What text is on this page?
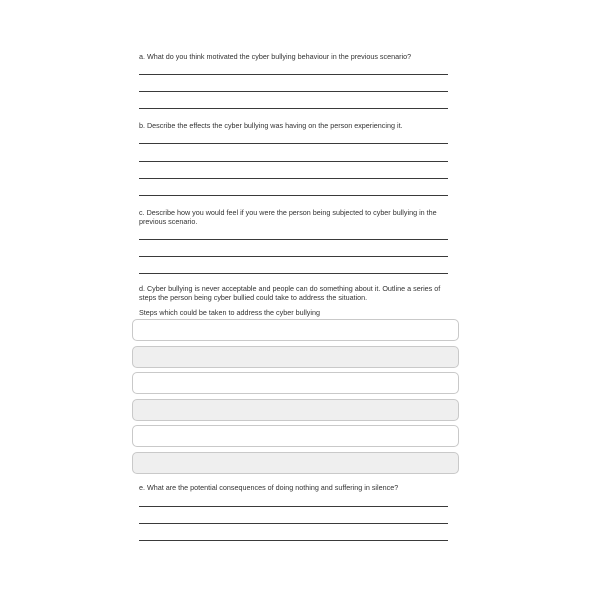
a. What do you think motivated the cyber bullying behaviour in the previous scenario?
b. Describe the effects the cyber bullying was having on the person experiencing it.
c. Describe how you would feel if you were the person being subjected to cyber bullying in the previous scenario.
d. Cyber bullying is never acceptable and people can do something about it. Outline a series of steps the person being cyber bullied could take to address the situation.
Steps which could be taken to address the cyber bullying
e. What are the potential consequences of doing nothing and suffering in silence?
